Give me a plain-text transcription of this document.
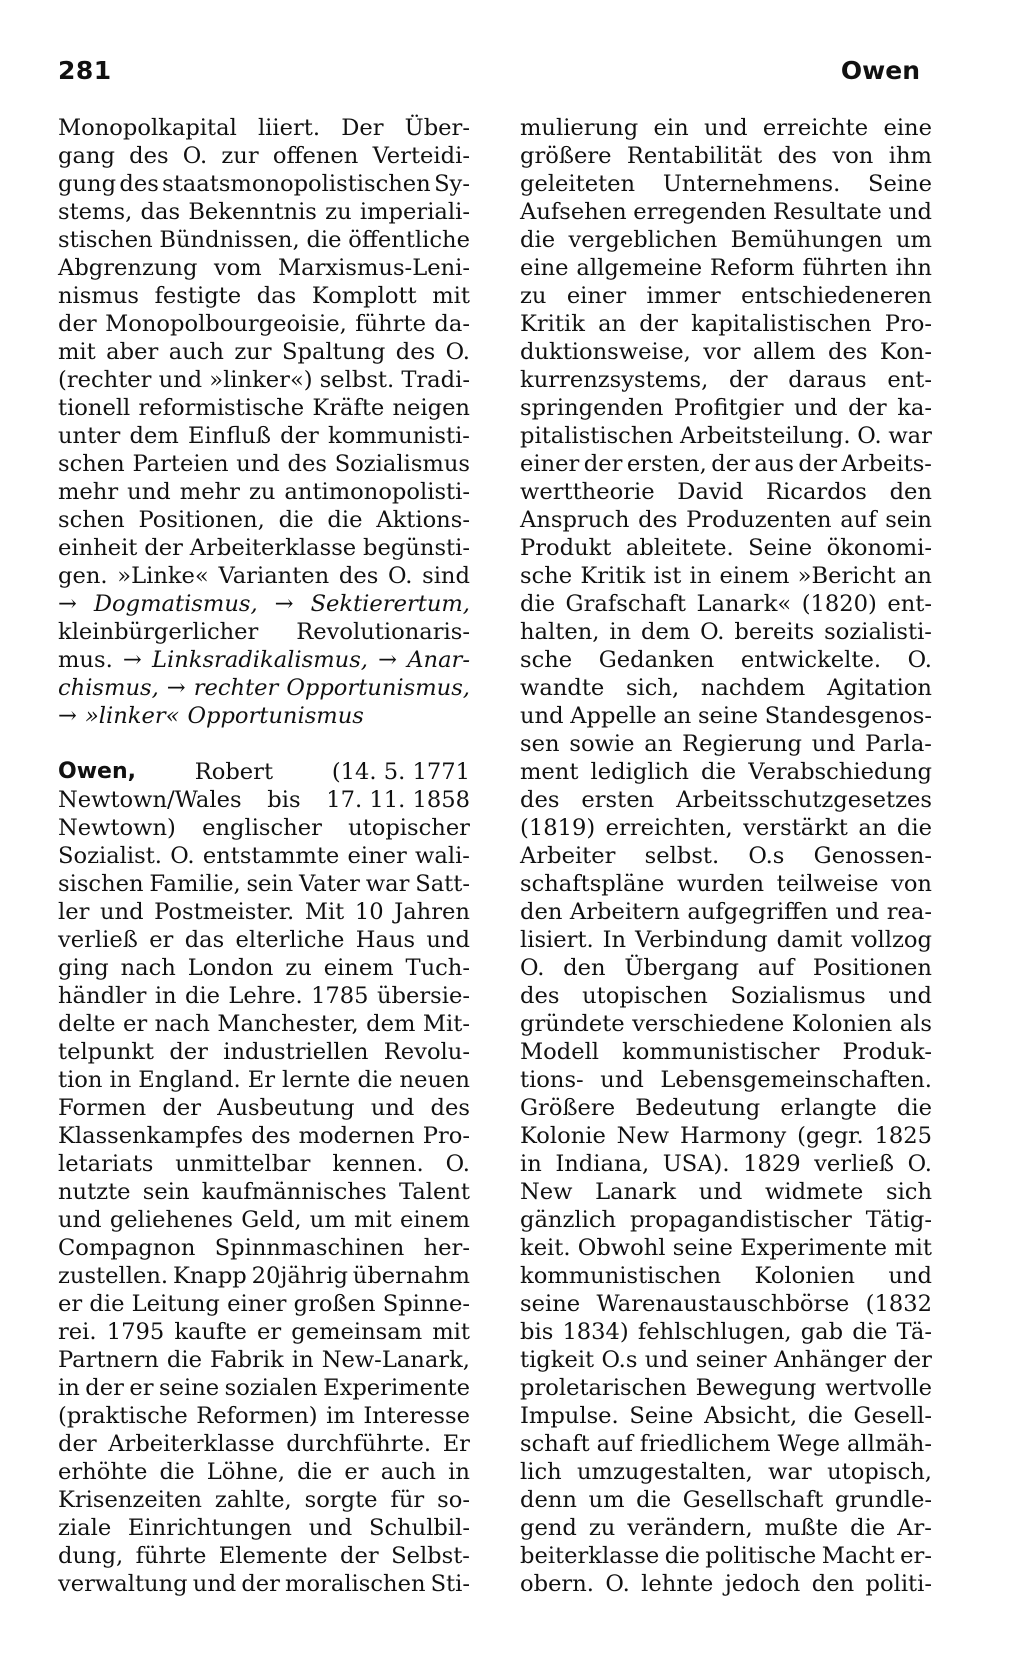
281	Owen
Monopolkapital liiert. Der Über-
gang des O. zur offenen Verteidi-
gung des staatsmonopolistischen Sy-
stems, das Bekenntnis zu imperiali-
stischen Bündnissen, die öffentliche
Abgrenzung vom Marxismus-Leni-
nismus festigte das Komplott mit
der Monopolbourgeoisie, führte da-
mit aber auch zur Spaltung des O.
(rechter und »linker«) selbst. Tradi-
tionell reformistische Kräfte neigen
unter dem Einfluß der kommunisti-
schen Parteien und des Sozialismus
mehr und mehr zu antimonopolisti-
schen Positionen, die die Aktions-
einheit der Arbeiterklasse begünsti-
gen. »Linke« Varianten des O. sind
→ Dogmatismus, → Sektierertum,
kleinbürgerlicher Revolutionaris-
mus. → Linksradikalismus, → Anar-
chismus, → rechter Opportunismus,
→ »linker« Opportunismus
Owen,	Robert	(14. 5. 1771
Newtown/Wales bis 17. 11. 1858
Newtown) englischer utopischer
Sozialist. O. entstammte einer wali-
sischen Familie, sein Vater war Satt-
ler und Postmeister. Mit 10 Jahren
verließ er das elterliche Haus und
ging nach London zu einem Tuch-
händler in die Lehre. 1785 übersie-
delte er nach Manchester, dem Mit-
telpunkt der industriellen Revolu-
tion in England. Er lernte die neuen
Formen der Ausbeutung und des
Klassenkampfes des modernen Pro-
letariats unmittelbar kennen. O.
nutzte sein kaufmännisches Talent
und geliehenes Geld, um mit einem
Compagnon Spinnmaschinen her-
zustellen. Knapp 20jährig übernahm
er die Leitung einer großen Spinne-
rei. 1795 kaufte er gemeinsam mit
Partnern die Fabrik in New-Lanark,
in der er seine sozialen Experimente
(praktische Reformen) im Interesse
der Arbeiterklasse durchführte. Er
erhöhte die Löhne, die er auch in
Krisenzeiten zahlte, sorgte für so-
ziale Einrichtungen und Schulbil-
dung, führte Elemente der Selbst-
verwaltung und der moralischen Sti-
mulierung ein und erreichte eine
größere Rentabilität des von ihm
geleiteten Unternehmens. Seine
Aufsehen erregenden Resultate und
die vergeblichen Bemühungen um
eine allgemeine Reform führten ihn
zu einer immer entschiedeneren
Kritik an der kapitalistischen Pro-
duktionsweise, vor allem des Kon-
kurrenzsystems, der daraus ent-
springenden Profitgier und der ka-
pitalistischen Arbeitsteilung. O. war
einer der ersten, der aus der Arbeits-
werttheorie David Ricardos den
Anspruch des Produzenten auf sein
Produkt ableitete. Seine ökonomi-
sche Kritik ist in einem »Bericht an
die Grafschaft Lanark« (1820) ent-
halten, in dem O. bereits sozialisti-
sche Gedanken entwickelte. O.
wandte sich, nachdem Agitation
und Appelle an seine Standesgenos-
sen sowie an Regierung und Parla-
ment lediglich die Verabschiedung
des ersten Arbeitsschutzgesetzes
(1819) erreichten, verstärkt an die
Arbeiter selbst. O.s Genossen-
schaftspläne wurden teilweise von
den Arbeitern aufgegriffen und rea-
lisiert. In Verbindung damit vollzog
O. den Übergang auf Positionen
des utopischen Sozialismus und
gründete verschiedene Kolonien als
Modell kommunistischer Produk-
tions- und Lebensgemeinschaften.
Größere Bedeutung erlangte die
Kolonie New Harmony (gegr. 1825
in Indiana, USA). 1829 verließ O.
New Lanark und widmete sich
gänzlich propagandistischer Tätig-
keit. Obwohl seine Experimente mit
kommunistischen Kolonien und
seine Warenaustauschbörse (1832
bis 1834) fehlschlugen, gab die Tä-
tigkeit O.s und seiner Anhänger der
proletarischen Bewegung wertvolle
Impulse. Seine Absicht, die Gesell-
schaft auf friedlichem Wege allmäh-
lich umzugestalten, war utopisch,
denn um die Gesellschaft grundle-
gend zu verändern, mußte die Ar-
beiterklasse die politische Macht er-
obern. O. lehnte jedoch den politi-
